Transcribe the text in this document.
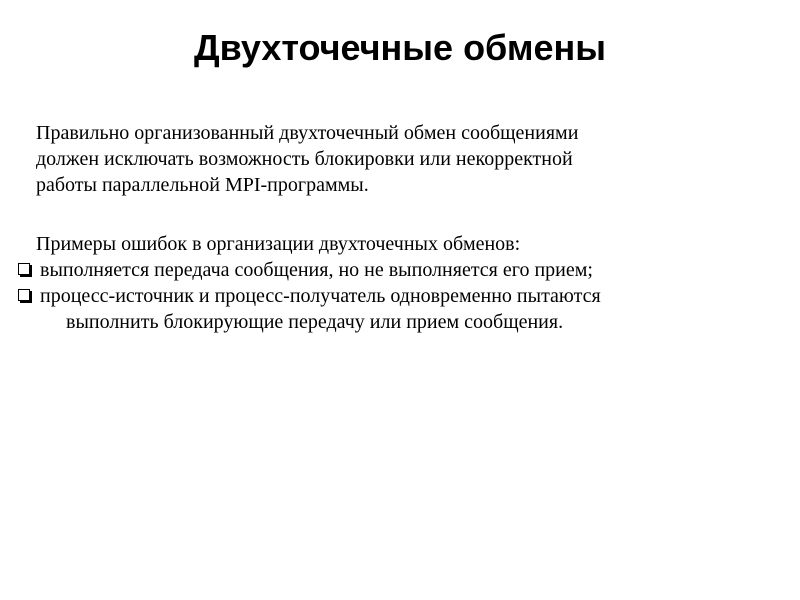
Двухточечные обмены

Правильно организованный двухточечный обмен сообщениями
должен исключать возможность блокировки или некорректной
работы параллельной MPI-программы.

Примеры ошибок в организации двухточечных обменов:

выполняется передача сообщения, но не выполняется его прием;
процесс-источник и процесс-получатель одновременно пытаются
выполнить блокирующие передачу или прием сообщения.
